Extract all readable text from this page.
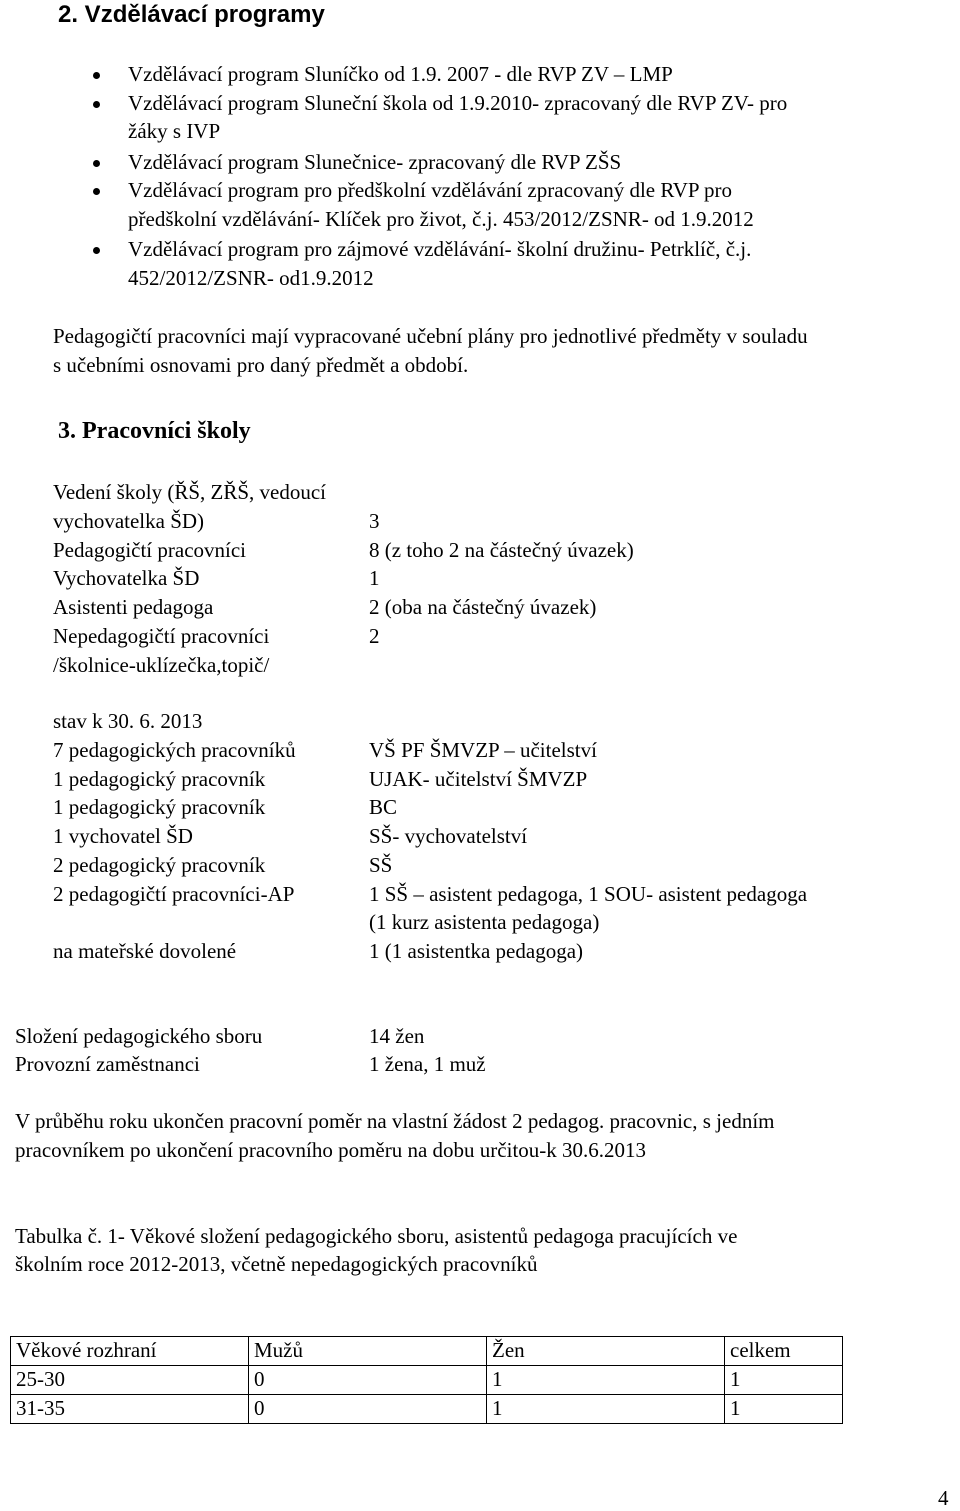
2. Vzdělávací programy
Vzdělávací program Sluníčko od 1.9. 2007 - dle RVP ZV – LMP
Vzdělávací program Sluneční škola od 1.9.2010- zpracovaný dle RVP ZV- pro
žáky s IVP
Vzdělávací program Slunečnice- zpracovaný dle RVP ZŠS
Vzdělávací program pro předškolní vzdělávání zpracovaný dle RVP pro
předškolní vzdělávání- Klíček pro život, č.j. 453/2012/ZSNR- od 1.9.2012
Vzdělávací program pro zájmové vzdělávání- školní družinu- Petrklíč, č.j.
452/2012/ZSNR- od1.9.2012
Pedagogičtí pracovníci mají vypracované učební plány pro jednotlivé předměty v souladu
s učebními osnovami pro daný předmět a období.
3. Pracovníci školy
Vedení školy (ŘŠ, ZŘŠ, vedoucí
vychovatelka ŠD)	3
Pedagogičtí pracovníci	8 (z toho 2 na částečný úvazek)
Vychovatelka ŠD	1
Asistenti pedagoga	2 (oba na částečný úvazek)
Nepedagogičtí pracovníci	2
/školnice-uklízečka,topič/
stav k 30. 6. 2013
7 pedagogických pracovníků	VŠ PF ŠMVZP – učitelství
1 pedagogický pracovník	UJAK- učitelství ŠMVZP
1 pedagogický pracovník	BC
1 vychovatel ŠD	SŠ- vychovatelství
2 pedagogický pracovník	SŠ
2 pedagogičtí pracovníci-AP	1 SŠ – asistent pedagoga, 1 SOU- asistent pedagoga
(1 kurz asistenta pedagoga)
na mateřské dovolené	1 (1 asistentka pedagoga)
Složení pedagogického sboru	14 žen
Provozní zaměstnanci	1 žena, 1 muž
V průběhu roku ukončen pracovní poměr na vlastní žádost 2 pedagog. pracovnic, s jedním
pracovníkem po ukončení pracovního poměru na dobu určitou-k 30.6.2013
Tabulka č. 1- Věkové složení pedagogického sboru, asistentů pedagoga pracujících ve
školním roce 2012-2013, včetně nepedagogických pracovníků
Věkové rozhraní	Mužů	Žen	celkem
25-30	0	1	1
31-35	0	1	1
4
